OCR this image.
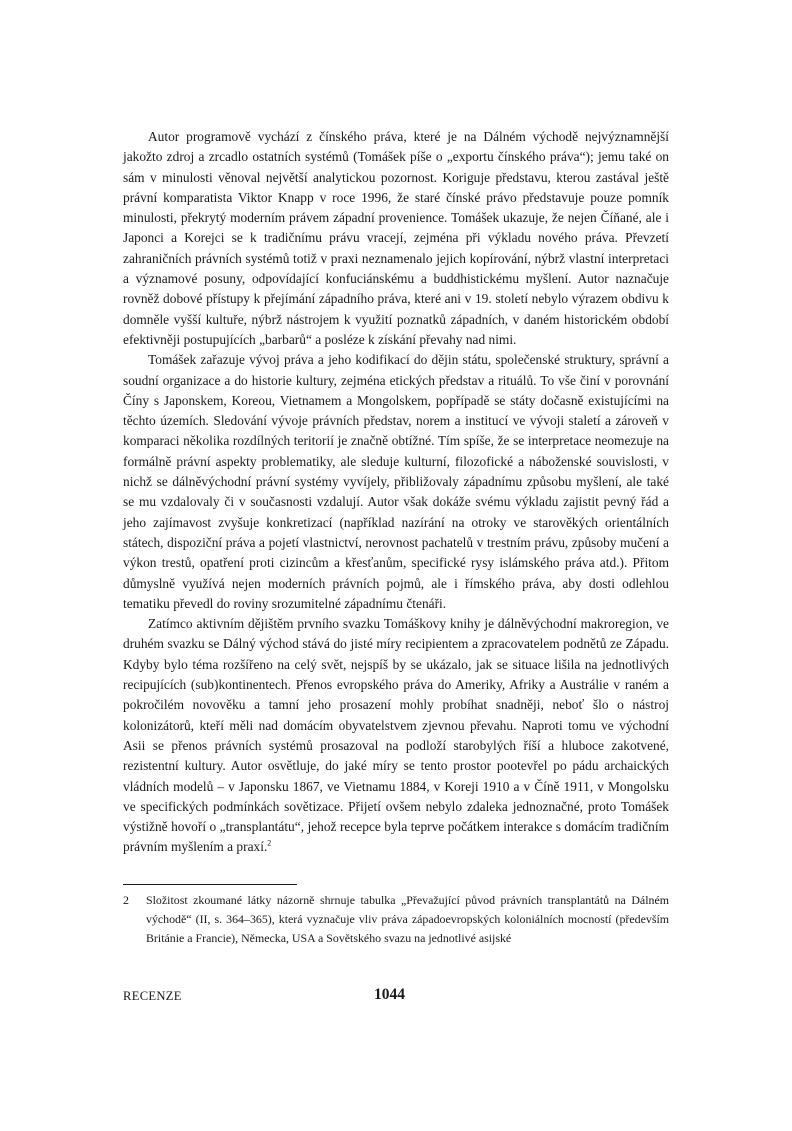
Autor programově vychází z čínského práva, které je na Dálném východě nejvýznamnější jakožto zdroj a zrcadlo ostatních systémů (Tomášek píše o „exportu čínského práva“); jemu také on sám v minulosti věnoval největší analytickou pozornost. Koriguje představu, kterou zastával ještě právní komparatista Viktor Knapp v roce 1996, že staré čínské právo představuje pouze pomník minulosti, překrytý moderním právem západní provenience. Tomášek ukazuje, že nejen Číňané, ale i Japonci a Korejci se k tradičnímu právu vracejí, zejména při výkladu nového práva. Převzetí zahraničních právních systémů totiž v praxi neznamenalo jejich kopírování, nýbrž vlastní interpretaci a významové posuny, odpovídající konfuciánskému a buddhistickému myšlení. Autor naznačuje rovněž dobové přístupy k přejímání západního práva, které ani v 19. století nebylo výrazem obdivu k domněle vyšší kultuře, nýbrž nástrojem k využití poznatků západních, v daném historickém období efektivněji postupujících „barbarů“ a posléze k získání převahy nad nimi.

Tomášek zařazuje vývoj práva a jeho kodifikací do dějin státu, společenské struktury, správní a soudní organizace a do historie kultury, zejména etických představ a rituálů. To vše činí v porovnání Číny s Japonskem, Koreou, Vietnamem a Mongolskem, popřípadě se státy dočasně existujícími na těchto územích. Sledování vývoje právních představ, norem a institucí ve vývoji staletí a zároveň v komparaci několika rozdílných teritorií je značně obtížné. Tím spíše, že se interpretace neomezuje na formálně právní aspekty problematiky, ale sleduje kulturní, filozofické a náboženské souvislosti, v nichž se dálněvýchodní právní systémy vyvíjely, přibližovaly západnímu způsobu myšlení, ale také se mu vzdalovaly či v současnosti vzdalují. Autor však dokáže svému výkladu zajistit pevný řád a jeho zajímavost zvyšuje konkretizací (například nazírání na otroky ve starověkých orientálních státech, dispoziční práva a pojetí vlastnictví, nerovnost pachatelů v trestním právu, způsoby mučení a výkon trestů, opatření proti cizincům a křesťanům, specifické rysy islámského práva atd.). Přitom důmyslně využívá nejen moderních právních pojmů, ale i římského práva, aby dosti odlehlou tematiku převedl do roviny srozumitelné západnímu čtenáři.

Zatímco aktivním dějištěm prvního svazku Tomáškovy knihy je dálněvýchodní makroregion, ve druhém svazku se Dálný východ stává do jisté míry recipientem a zpracovatelem podnětů ze Západu. Kdyby bylo téma rozšířeno na celý svět, nejspíš by se ukázalo, jak se situace lišila na jednotlivých recipujících (sub)kontinentech. Přenos evropského práva do Ameriky, Afriky a Austrálie v raném a pokročilém novověku a tamní jeho prosazení mohly probíhat snadněji, neboť šlo o nástroj kolonizátorů, kteří měli nad domácím obyvatelstvem zjevnou převahu. Naproti tomu ve východní Asii se přenos právních systémů prosazoval na podloží starobylých říší a hluboce zakotvené, rezistentní kultury. Autor osvětluje, do jaké míry se tento prostor pootevřel po pádu archaických vládních modelů – v Japonsku 1867, ve Vietnamu 1884, v Koreji 1910 a v Číně 1911, v Mongolsku ve specifických podmínkách sovětizace. Přijetí ovšem nebylo zdaleka jednoznačné, proto Tomášek výstižně hovoří o „transplantátu“, jehož recepce byla teprve počátkem interakce s domácím tradičním právním myšlením a praxí.$^2$

2	Složitost zkoumané látky názorně shrnuje tabulka „Převažující původ právních transplantátů na Dálném východě“ (II, s. 364–365), která vyznačuje vliv práva západoevropských koloniálních mocností (především Británie a Francie), Německa, USA a Sovětského svazu na jednotlivé asijské
RECENZE	1044
